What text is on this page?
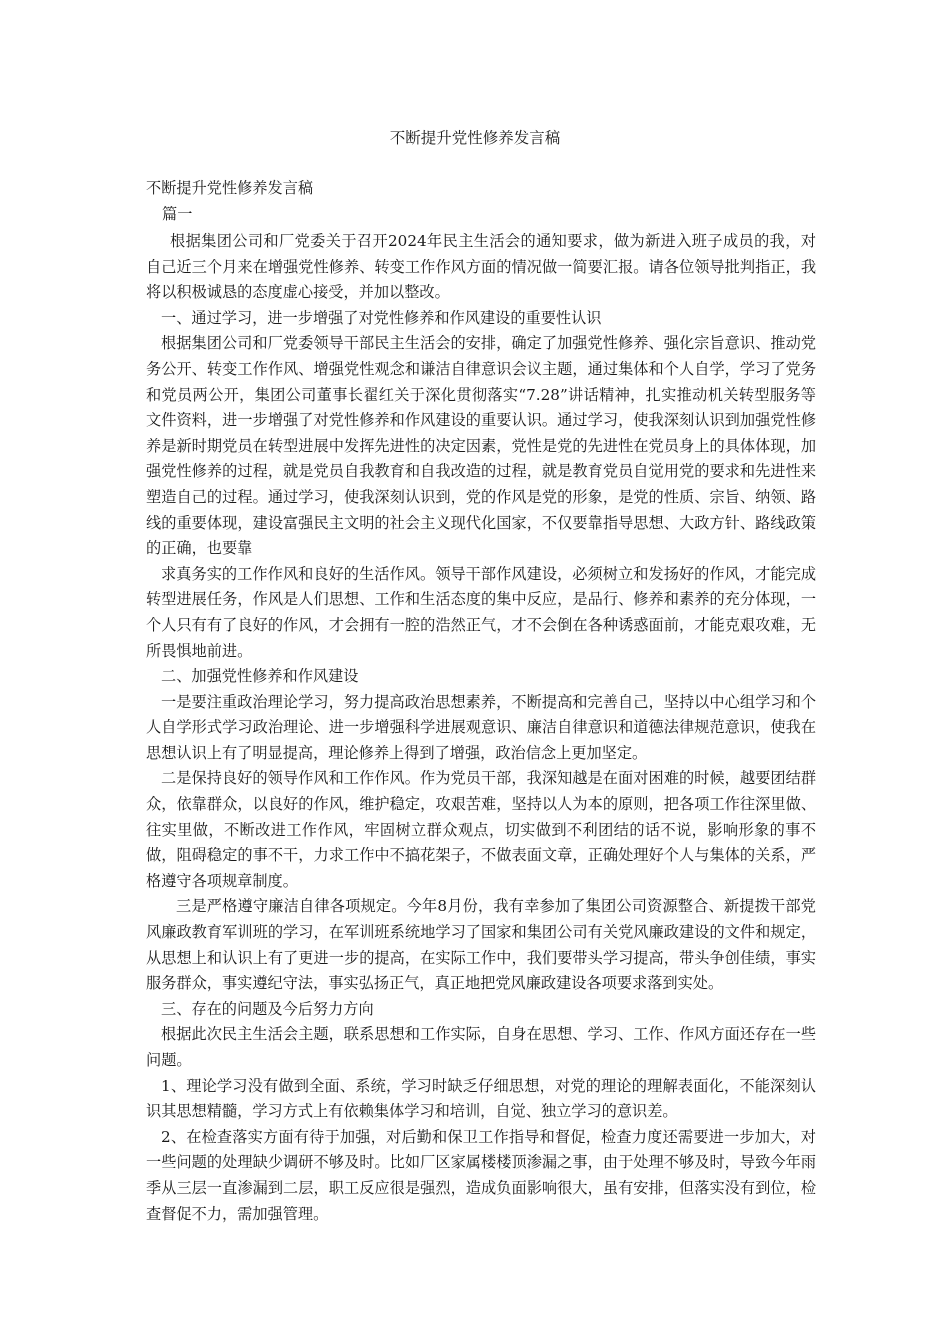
不断提升党性修养发言稿
不断提升党性修养发言稿
篇一

根据集团公司和厂党委关于召开2024年民主生活会的通知要求，做为新进入班子成员的我，对自己近三个月来在增强党性修养、转变工作作风方面的情况做一简要汇报。请各位领导批判指正，我将以积极诚恳的态度虚心接受，并加以整改。

一、通过学习，进一步增强了对党性修养和作风建设的重要性认识

根据集团公司和厂党委领导干部民主生活会的安排，确定了加强党性修养、强化宗旨意识、推动党务公开、转变工作作风、增强党性观念和谦洁自律意识会议主题，通过集体和个人自学，学习了党务和党员两公开，集团公司董事长翟红关于深化贯彻落实“7.28”讲话精神，扎实推动机关转型服务等文件资料，进一步增强了对党性修养和作风建设的重要认识。通过学习，使我深刻认识到加强党性修养是新时期党员在转型进展中发挥先进性的决定因素，党性是党的先进性在党员身上的具体体现，加强党性修养的过程，就是党员自我教育和自我改造的过程，就是教育党员自觉用党的要求和先进性来塑造自己的过程。通过学习，使我深刻认识到，党的作风是党的形象，是党的性质、宗旨、纳领、路线的重要体现，建设富强民主文明的社会主义现代化国家，不仅要靠指导思想、大政方针、路线政策的正确，也要靠

求真务实的工作作风和良好的生活作风。领导干部作风建设，必须树立和发扬好的作风，才能完成转型进展任务，作风是人们思想、工作和生活态度的集中反应，是品行、修养和素养的充分体现，一个人只有有了良好的作风，才会拥有一腔的浩然正气，才不会倒在各种诱惑面前，才能克艰攻难，无所畏惧地前进。

二、加强党性修养和作风建设

一是要注重政治理论学习，努力提高政治思想素养，不断提高和完善自己，坚持以中心组学习和个人自学形式学习政治理论、进一步增强科学进展观意识、廉洁自律意识和道德法律规范意识，使我在思想认识上有了明显提高，理论修养上得到了增强，政治信念上更加坚定。

二是保持良好的领导作风和工作作风。作为党员干部，我深知越是在面对困难的时候，越要团结群众，依靠群众，以良好的作风，维护稳定，攻艰苦难，坚持以人为本的原则，把各项工作往深里做、往实里做，不断改进工作作风，牢固树立群众观点，切实做到不利团结的话不说，影响形象的事不做，阻碍稳定的事不干，力求工作中不搞花架子，不做表面文章，正确处理好个人与集体的关系，严格遵守各项规章制度。

三是严格遵守廉洁自律各项规定。今年8月份，我有幸参加了集团公司资源整合、新提拨干部党风廉政教育军训班的学习，在军训班系统地学习了国家和集团公司有关党风廉政建设的文件和规定，从思想上和认识上有了更进一步的提高，在实际工作中，我们要带头学习提高，带头争创佳绩，事实服务群众，事实遵纪守法，事实弘扬正气，真正地把党风廉政建设各项要求落到实处。

三、存在的问题及今后努力方向

根据此次民主生活会主题，联系思想和工作实际，自身在思想、学习、工作、作风方面还存在一些问题。

1、理论学习没有做到全面、系统，学习时缺乏仔细思想，对党的理论的理解表面化，不能深刻认识其思想精髓，学习方式上有依赖集体学习和培训，自觉、独立学习的意识差。

2、在检查落实方面有待于加强，对后勤和保卫工作指导和督促，检查力度还需要进一步加大，对一些问题的处理缺少调研不够及时。比如厂区家属楼楼顶渗漏之事，由于处理不够及时，导致今年雨季从三层一直渗漏到二层，职工反应很是强烈，造成负面影响很大，虽有安排，但落实没有到位，检查督促不力，需加强管理。
